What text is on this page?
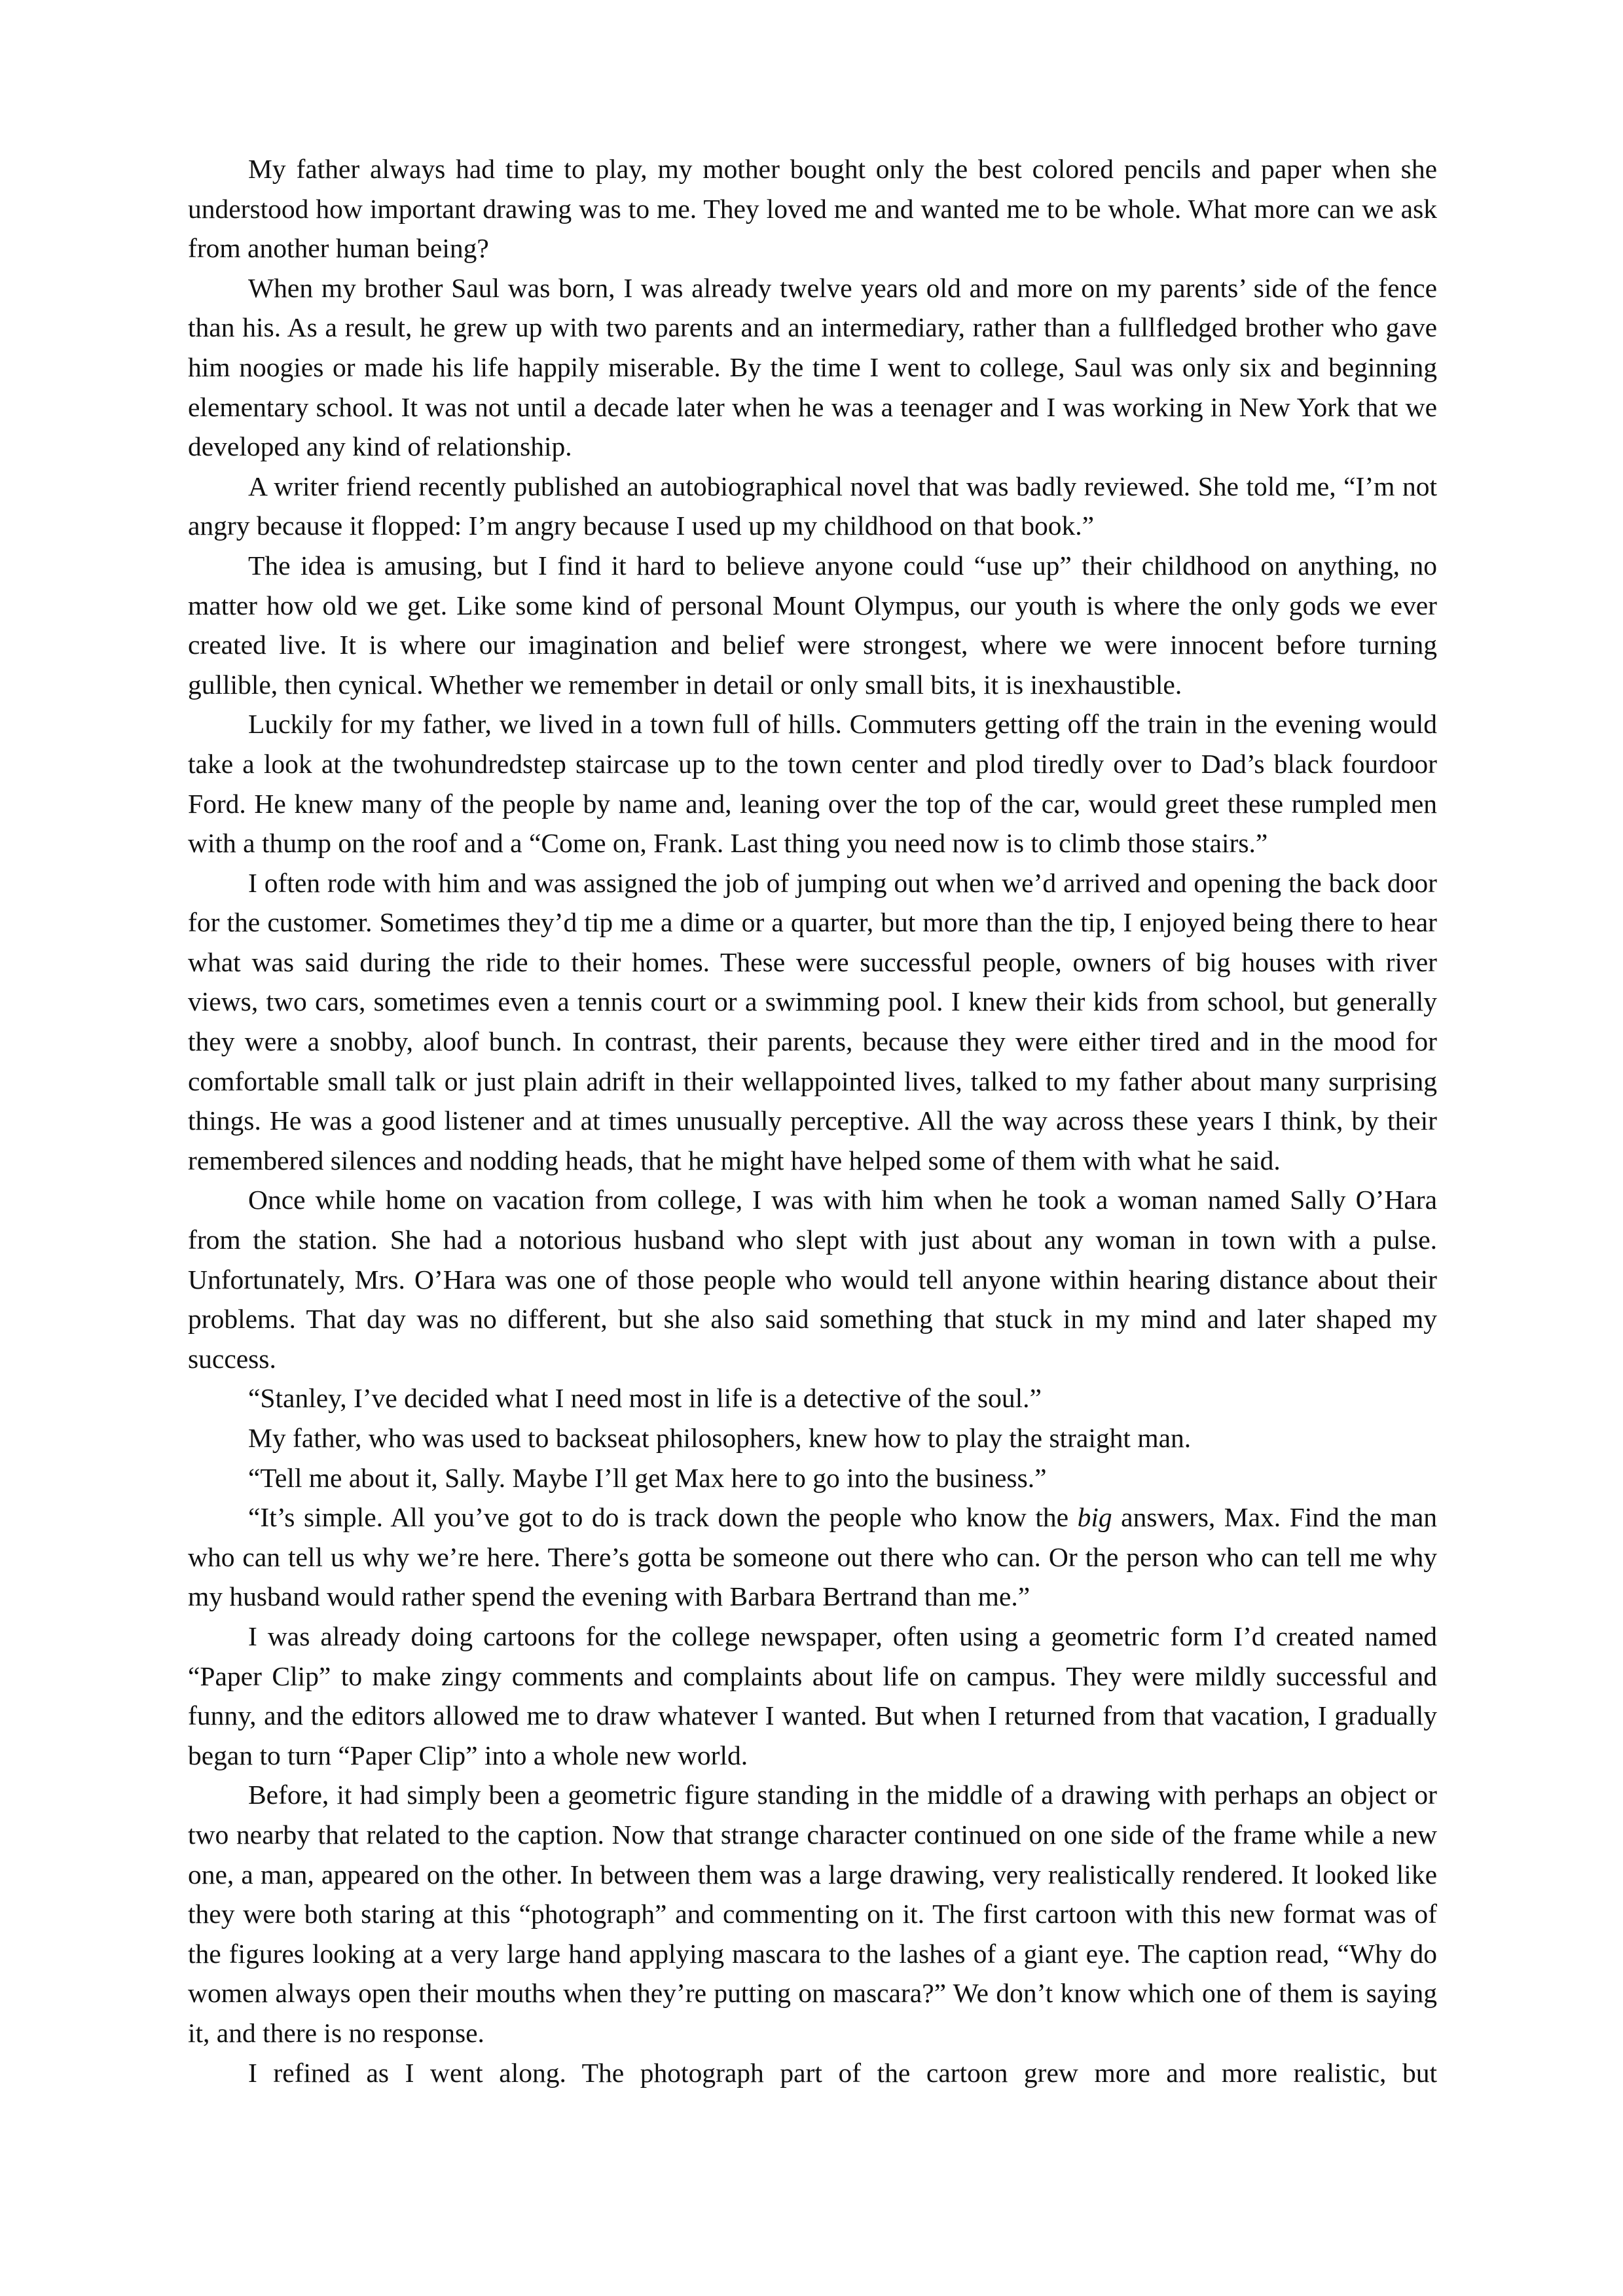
My father always had time to play, my mother bought only the best colored pencils and paper when she understood how important drawing was to me. They loved me and wanted me to be whole. What more can we ask from another human being?

When my brother Saul was born, I was already twelve years old and more on my parents’ side of the fence than his. As a result, he grew up with two parents and an intermediary, rather than a fullfledged brother who gave him noogies or made his life happily miserable. By the time I went to college, Saul was only six and beginning elementary school. It was not until a decade later when he was a teenager and I was working in New York that we developed any kind of relationship.

A writer friend recently published an autobiographical novel that was badly reviewed. She told me, “I’m not angry because it flopped: I’m angry because I used up my childhood on that book.”

The idea is amusing, but I find it hard to believe anyone could “use up” their childhood on anything, no matter how old we get. Like some kind of personal Mount Olympus, our youth is where the only gods we ever created live. It is where our imagination and belief were strongest, where we were innocent before turning gullible, then cynical. Whether we remember in detail or only small bits, it is inexhaustible.

Luckily for my father, we lived in a town full of hills. Commuters getting off the train in the evening would take a look at the twohundredstep staircase up to the town center and plod tiredly over to Dad’s black fourdoor Ford. He knew many of the people by name and, leaning over the top of the car, would greet these rumpled men with a thump on the roof and a “Come on, Frank. Last thing you need now is to climb those stairs.”

I often rode with him and was assigned the job of jumping out when we’d arrived and opening the back door for the customer. Sometimes they’d tip me a dime or a quarter, but more than the tip, I enjoyed being there to hear what was said during the ride to their homes. These were successful people, owners of big houses with river views, two cars, sometimes even a tennis court or a swimming pool. I knew their kids from school, but generally they were a snobby, aloof bunch. In contrast, their parents, because they were either tired and in the mood for comfortable small talk or just plain adrift in their wellappointed lives, talked to my father about many surprising things. He was a good listener and at times unusually perceptive. All the way across these years I think, by their remembered silences and nodding heads, that he might have helped some of them with what he said.

Once while home on vacation from college, I was with him when he took a woman named Sally O’Hara from the station. She had a notorious husband who slept with just about any woman in town with a pulse. Unfortunately, Mrs. O’Hara was one of those people who would tell anyone within hearing distance about their problems. That day was no different, but she also said something that stuck in my mind and later shaped my success.

“Stanley, I’ve decided what I need most in life is a detective of the soul.”

My father, who was used to backseat philosophers, knew how to play the straight man.

“Tell me about it, Sally. Maybe I’ll get Max here to go into the business.”

“It’s simple. All you’ve got to do is track down the people who know the big answers, Max. Find the man who can tell us why we’re here. There’s gotta be someone out there who can. Or the person who can tell me why my husband would rather spend the evening with Barbara Bertrand than me.”

I was already doing cartoons for the college newspaper, often using a geometric form I’d created named “Paper Clip” to make zingy comments and complaints about life on campus. They were mildly successful and funny, and the editors allowed me to draw whatever I wanted. But when I returned from that vacation, I gradually began to turn “Paper Clip” into a whole new world.

Before, it had simply been a geometric figure standing in the middle of a drawing with perhaps an object or two nearby that related to the caption. Now that strange character continued on one side of the frame while a new one, a man, appeared on the other. In between them was a large drawing, very realistically rendered. It looked like they were both staring at this “photograph” and commenting on it. The first cartoon with this new format was of the figures looking at a very large hand applying mascara to the lashes of a giant eye. The caption read, “Why do women always open their mouths when they’re putting on mascara?” We don’t know which one of them is saying it, and there is no response.

I refined as I went along. The photograph part of the cartoon grew more and more realistic, but
